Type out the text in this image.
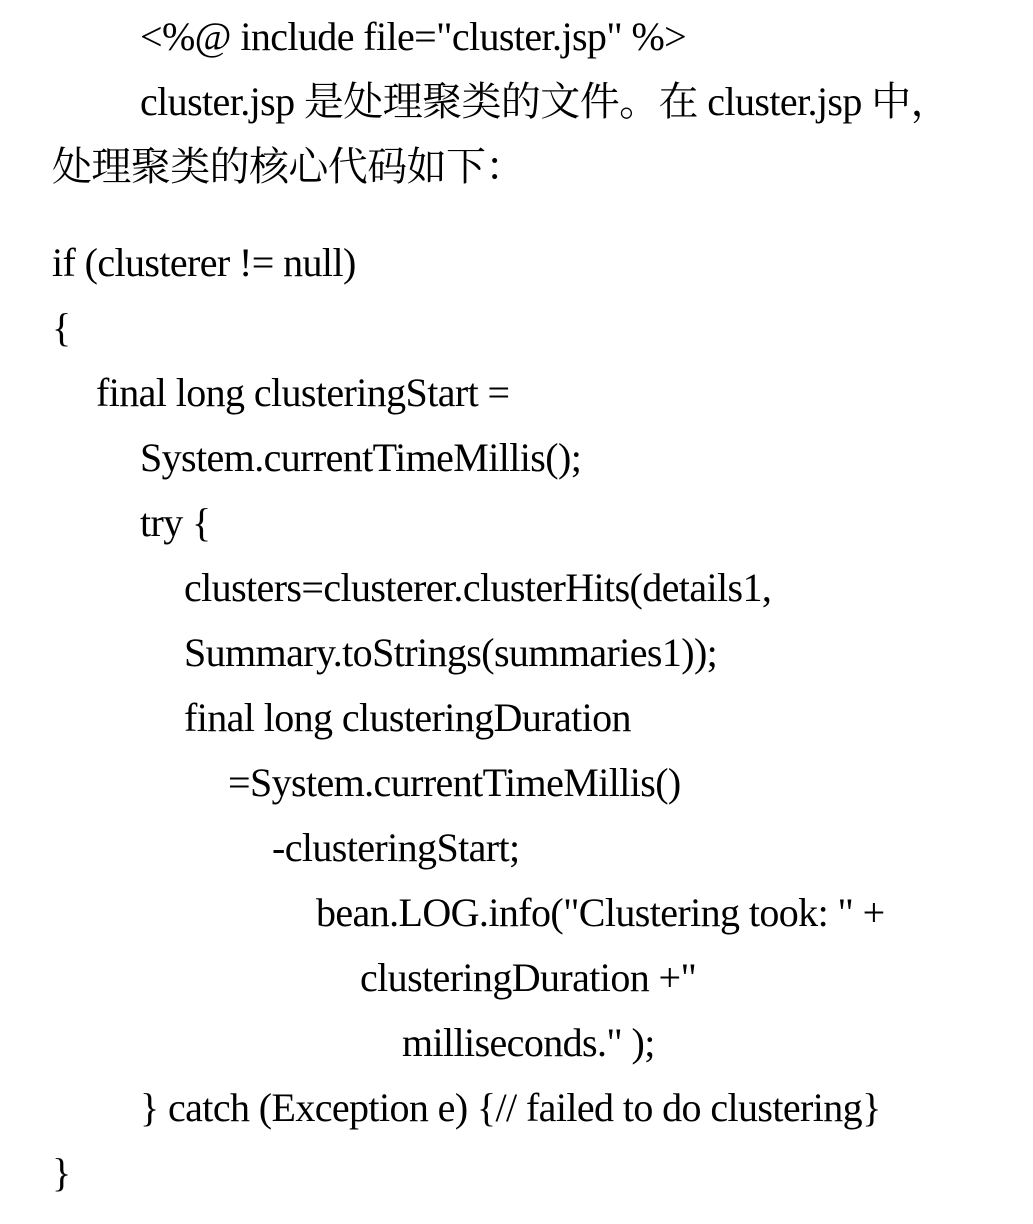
<%@ include file="cluster.jsp" %>
cluster.jsp 是处理聚类的文件。在 cluster.jsp 中，
处理聚类的核心代码如下：
if (clusterer != null)
{
final long clusteringStart =
System.currentTimeMillis();
try {
clusters=clusterer.clusterHits(details1,
Summary.toStrings(summaries1));
final long clusteringDuration
=System.currentTimeMillis()
-clusteringStart;
bean.LOG.info("Clustering took: " +
clusteringDuration +"
milliseconds." );
} catch (Exception e) {// failed to do clustering}
}
